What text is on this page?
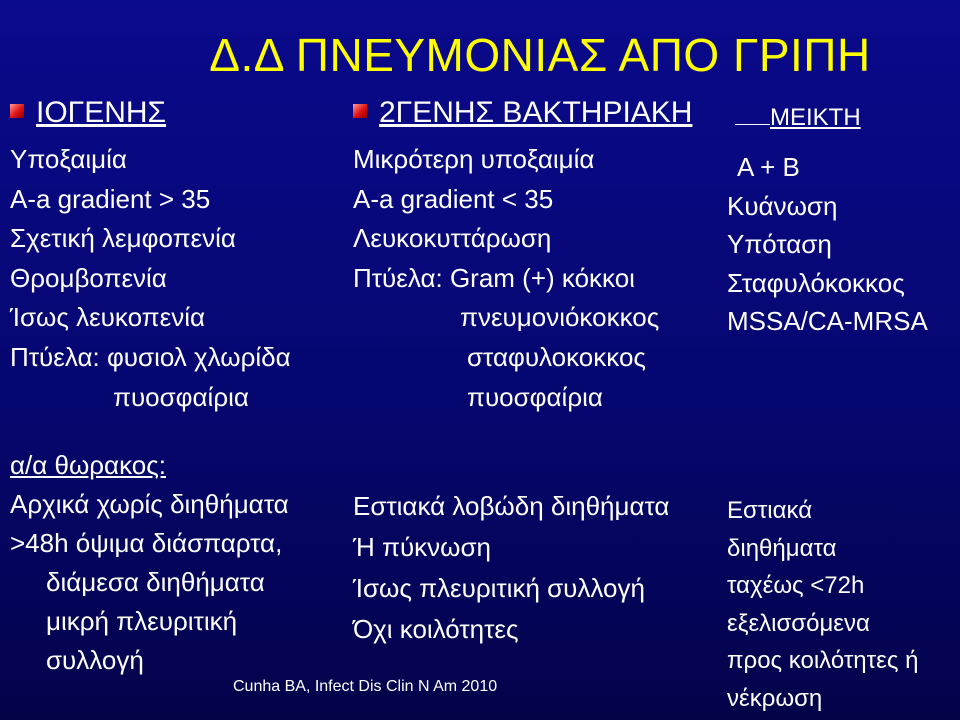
Δ.Δ ΠΝΕΥΜΟΝΙΑΣ ΑΠΟ ΓΡΙΠΗ
ΙΟΓΕΝΗΣ	2ΓΕΝΗΣ ΒΑΚΤΗΡΙΑΚΗ	ΜΕΙΚΤΗ
Υποξαιμία
A-a gradient > 35
Σχετική λεμφοπενία
Θρομβοπενία
Ίσως λευκοπενία
Πτύελα: φυσιολ χλωρίδα
πυοσφαίρια
Μικρότερη υποξαιμία
A-a gradient < 35
Λευκοκυττάρωση
Πτύελα: Gram (+) κόκκοι
πνευμονιόκοκκος
σταφυλοκοκκος
πυοσφαίρια
A + B
Κυάνωση
Υπόταση
Σταφυλόκοκκος
MSSA/CA-MRSA
α/α θωρακος:
Αρχικά χωρίς διηθήματα
>48h όψιμα διάσπαρτα,
διάμεσα διηθήματα
μικρή πλευριτική
συλλογή
Εστιακά λοβώδη διηθήματα
Ή πύκνωση
Ίσως πλευριτική συλλογή
Όχι κοιλότητες
Εστιακά
διηθήματα
ταχέως <72h
εξελισσόμενα
προς κοιλότητες ή
νέκρωση
Cunha BA, Infect Dis Clin N Am 2010
